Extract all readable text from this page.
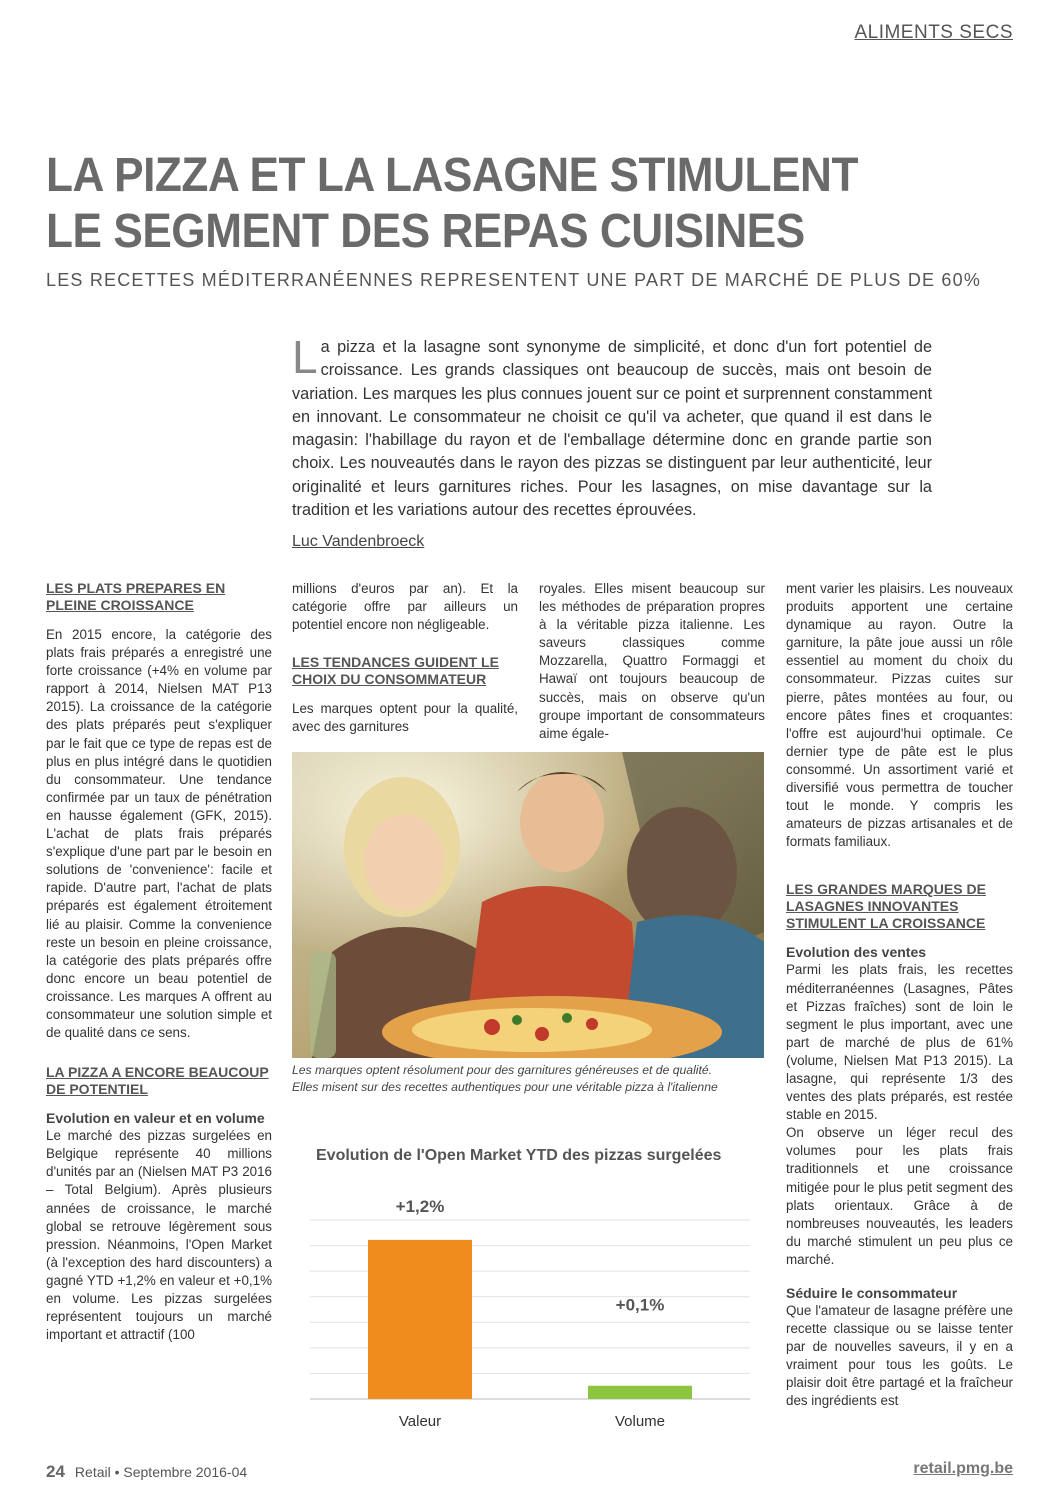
ALIMENTS SECS
LA PIZZA ET LA LASAGNE STIMULENT
LE SEGMENT DES REPAS CUISINES
LES RECETTES MÉDITERRANÉENNES REPRESENTENT UNE PART DE MARCHÉ DE PLUS DE 60%
La pizza et la lasagne sont synonyme de simplicité, et donc d'un fort potentiel de croissance. Les grands classiques ont beaucoup de succès, mais ont besoin de variation. Les marques les plus connues jouent sur ce point et surprennent constamment en innovant. Le consommateur ne choisit ce qu'il va acheter, que quand il est dans le magasin: l'habillage du rayon et de l'emballage détermine donc en grande partie son choix. Les nouveautés dans le rayon des pizzas se distinguent par leur authenticité, leur originalité et leurs garnitures riches. Pour les lasagnes, on mise davantage sur la tradition et les variations autour des recettes éprouvées.
Luc Vandenbroeck
LES PLATS PREPARES EN PLEINE CROISSANCE

En 2015 encore, la catégorie des plats frais préparés a enregistré une forte croissance (+4% en volume par rapport à 2014, Nielsen MAT P13 2015). La croissance de la catégorie des plats préparés peut s'expliquer par le fait que ce type de repas est de plus en plus intégré dans le quotidien du consommateur. Une tendance confirmée par un taux de pénétration en hausse également (GFK, 2015). L'achat de plats frais préparés s'explique d'une part par le besoin en solutions de 'convenience': facile et rapide. D'autre part, l'achat de plats préparés est également étroitement lié au plaisir. Comme la convenience reste un besoin en pleine croissance, la catégorie des plats préparés offre donc encore un beau potentiel de croissance. Les marques A offrent au consommateur une solution simple et de qualité dans ce sens.

LA PIZZA A ENCORE BEAUCOUP DE POTENTIEL
Evolution en valeur et en volume

Le marché des pizzas surgelées en Belgique représente 40 millions d'unités par an (Nielsen MAT P3 2016 – Total Belgium). Après plusieurs années de croissance, le marché global se retrouve légèrement sous pression. Néanmoins, l'Open Market (à l'exception des hard discounters) a gagné YTD +1,2% en valeur et +0,1% en volume. Les pizzas surgelées représentent toujours un marché important et attractif (100

millions d'euros par an). Et la catégorie offre par ailleurs un potentiel encore non négligeable.

LES TENDANCES GUIDENT LE CHOIX DU CONSOMMATEUR

Les marques optent pour la qualité, avec des garnitures

royales. Elles misent beaucoup sur les méthodes de préparation propres à la véritable pizza italienne. Les saveurs classiques comme Mozzarella, Quattro Formaggi et Hawaï ont toujours beaucoup de succès, mais on observe qu'un groupe important de consommateurs aime égale-

ment varier les plaisirs. Les nouveaux produits apportent une certaine dynamique au rayon. Outre la garniture, la pâte joue aussi un rôle essentiel au moment du choix du consommateur. Pizzas cuites sur pierre, pâtes montées au four, ou encore pâtes fines et croquantes: l'offre est aujourd'hui optimale. Ce dernier type de pâte est le plus consommé. Un assortiment varié et diversifié vous permettra de toucher tout le monde. Y compris les amateurs de pizzas artisanales et de formats familiaux.

LES GRANDES MARQUES DE LASAGNES INNOVANTES STIMULENT LA CROISSANCE
Evolution des ventes

Parmi les plats frais, les recettes méditerranéennes (Lasagnes, Pâtes et Pizzas fraîches) sont de loin le segment le plus important, avec une part de marché de plus de 61% (volume, Nielsen Mat P13 2015). La lasagne, qui représente 1/3 des ventes des plats préparés, est restée stable en 2015.

On observe un léger recul des volumes pour les plats frais traditionnels et une croissance mitigée pour le plus petit segment des plats orientaux. Grâce à de nombreuses nouveautés, les leaders du marché stimulent un peu plus ce marché.

Séduire le consommateur

Que l'amateur de lasagne préfère une recette classique ou se laisse tenter par de nouvelles saveurs, il y en a vraiment pour tous les goûts. Le plaisir doit être partagé et la fraîcheur des ingrédients est

Les marques optent résolument pour des garnitures généreuses et de qualité.
Elles misent sur des recettes authentiques pour une véritable pizza à l'italienne
Evolution de l'Open Market YTD des pizzas surgelées
+1,2%
Valeur
+0,1%
Volume
24 Retail • Septembre 2016-04	retail.pmg.be
